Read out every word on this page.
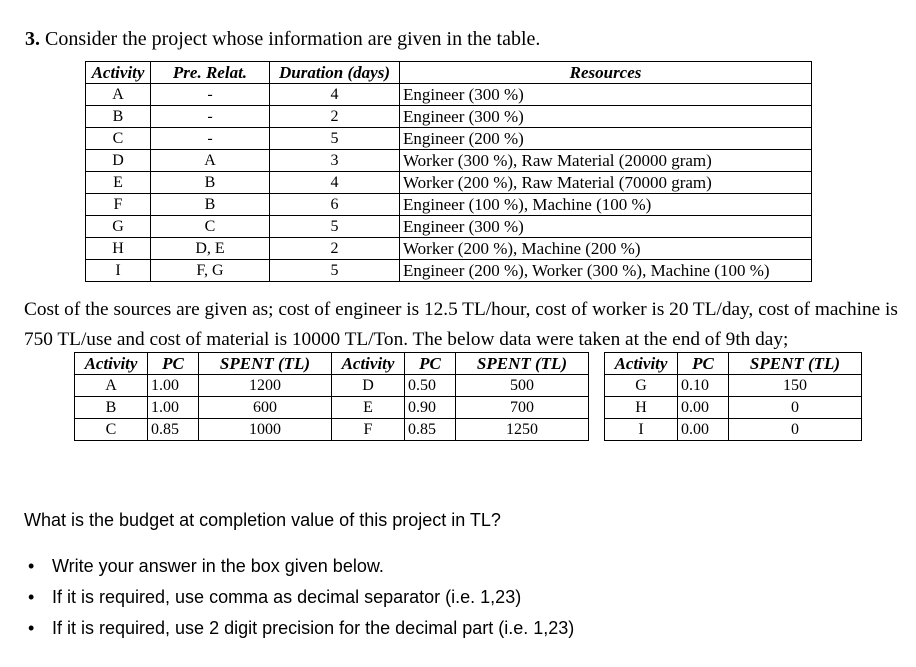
3. Consider the project whose information are given in the table.
Activity	Pre. Relat.	Duration (days)	Resources
A	-	4	Engineer (300 %)
B	-	2	Engineer (300 %)
C	-	5	Engineer (200 %)
D	A	3	Worker (300 %), Raw Material (20000 gram)
E	B	4	Worker (200 %), Raw Material (70000 gram)
F	B	6	Engineer (100 %), Machine (100 %)
G	C	5	Engineer (300 %)
H	D, E	2	Worker (200 %), Machine (200 %)
I	F, G	5	Engineer (200 %), Worker (300 %), Machine (100 %)
Cost of the sources are given as; cost of engineer is 12.5 TL/hour, cost of worker is 20 TL/day, cost of machine is 750 TL/use and cost of material is 10000 TL/Ton. The below data were taken at the end of 9th day;
Activity	PC	SPENT (TL)
A	1.00	1200
B	1.00	600
C	0.85	1000
Activity	PC	SPENT (TL)
D	0.50	500
E	0.90	700
F	0.85	1250
Activity	PC	SPENT (TL)
G	0.10	150
H	0.00	0
I	0.00	0
What is the budget at completion value of this project in TL?
• Write your answer in the box given below.
• If it is required, use comma as decimal separator (i.e. 1,23)
• If it is required, use 2 digit precision for the decimal part (i.e. 1,23)
